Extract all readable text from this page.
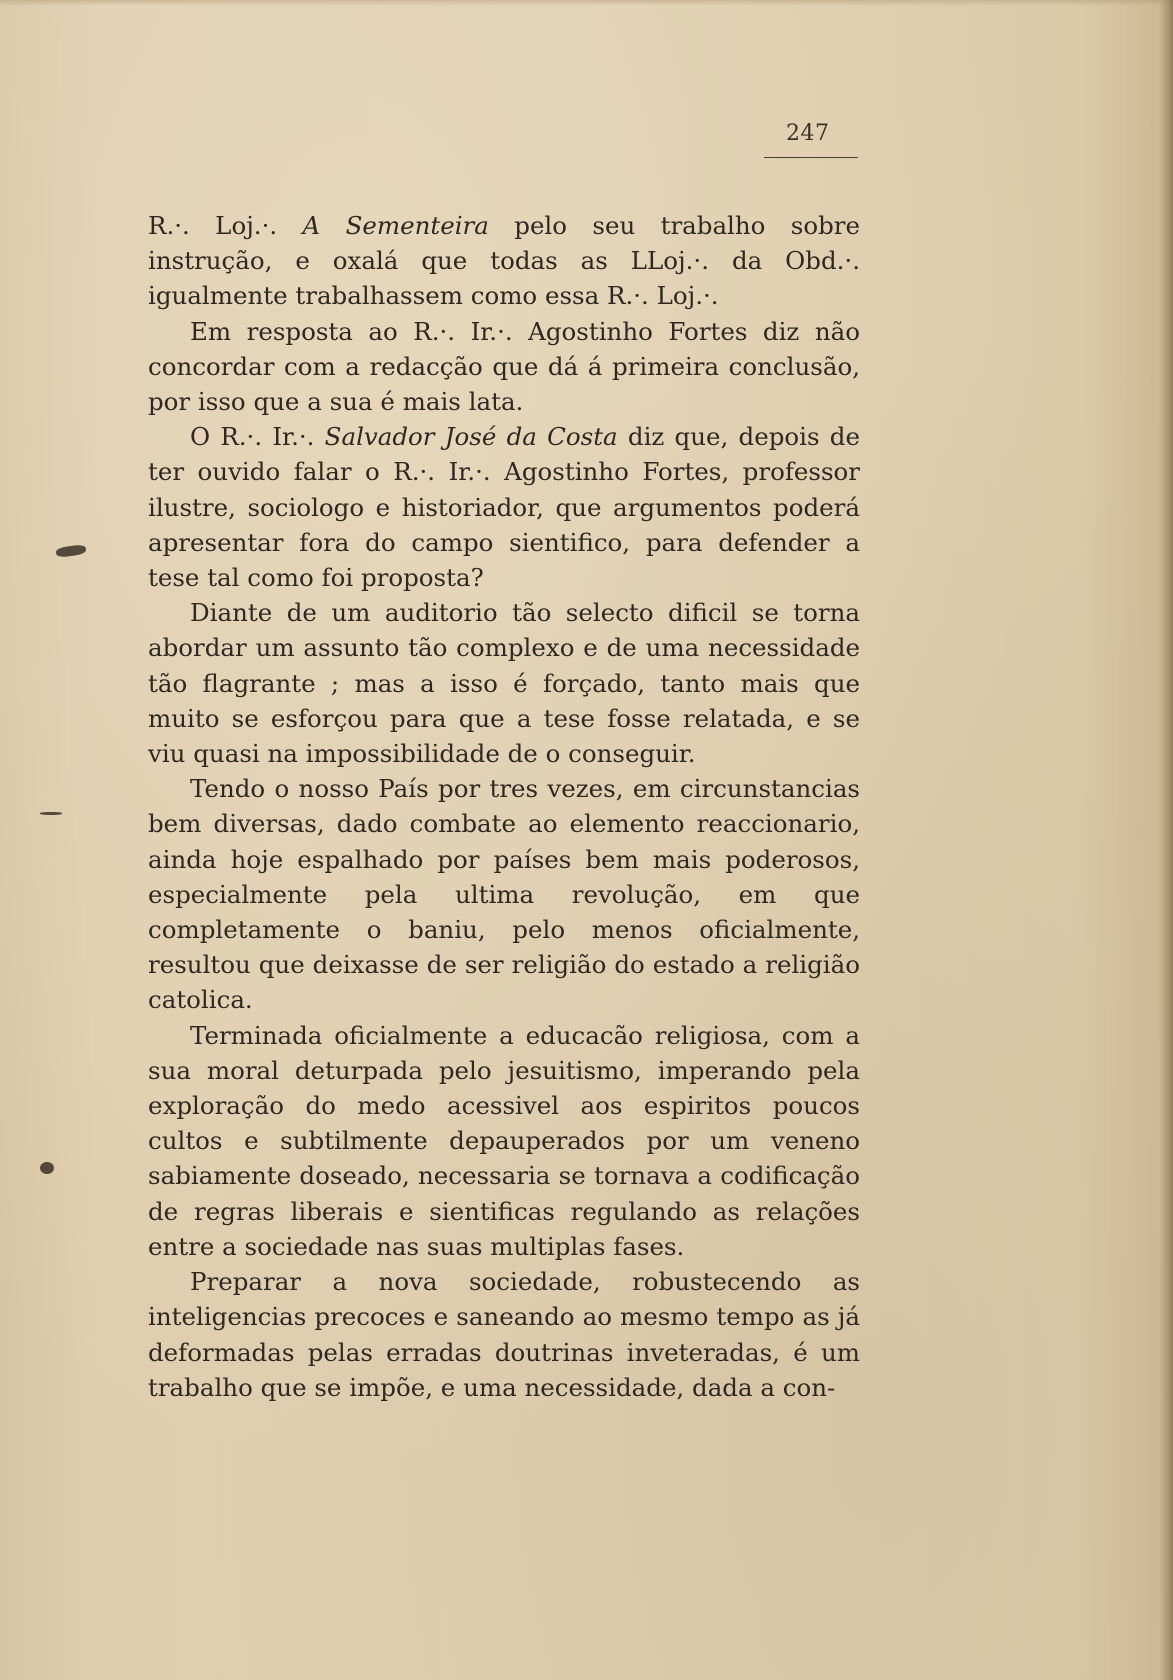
247

R.·. Loj.·. A Sementeira pelo seu trabalho sobre instrução, e oxalá que todas as LLoj.·. da Obd.·. igualmente trabalhassem como essa R.·. Loj.·.

Em resposta ao R.·. Ir.·. Agostinho Fortes diz não concordar com a redacção que dá á primeira conclusão, por isso que a sua é mais lata.

O R.·. Ir.·. Salvador José da Costa diz que, depois de ter ouvido falar o R.·. Ir.·. Agostinho Fortes, professor ilustre, sociologo e historiador, que argumentos poderá apresentar fora do campo sientifico, para defender a tese tal como foi proposta?

Diante de um auditorio tão selecto dificil se torna abordar um assunto tão complexo e de uma necessidade tão flagrante ; mas a isso é forçado, tanto mais que muito se esforçou para que a tese fosse relatada, e se viu quasi na impossibilidade de o conseguir.

Tendo o nosso País por tres vezes, em circunstancias bem diversas, dado combate ao elemento reaccionario, ainda hoje espalhado por países bem mais poderosos, especialmente pela ultima revolução, em que completamente o baniu, pelo menos oficialmente, resultou que deixasse de ser religião do estado a religião catolica.

Terminada oficialmente a educacão religiosa, com a sua moral deturpada pelo jesuitismo, imperando pela exploração do medo acessivel aos espiritos poucos cultos e subtilmente depauperados por um veneno sabiamente doseado, necessaria se tornava a codificação de regras liberais e sientificas regulando as relações entre a sociedade nas suas multiplas fases.

Preparar a nova sociedade, robustecendo as inteligencias precoces e saneando ao mesmo tempo as já deformadas pelas erradas doutrinas inveteradas, é um trabalho que se impõe, e uma necessidade, dada a con-
